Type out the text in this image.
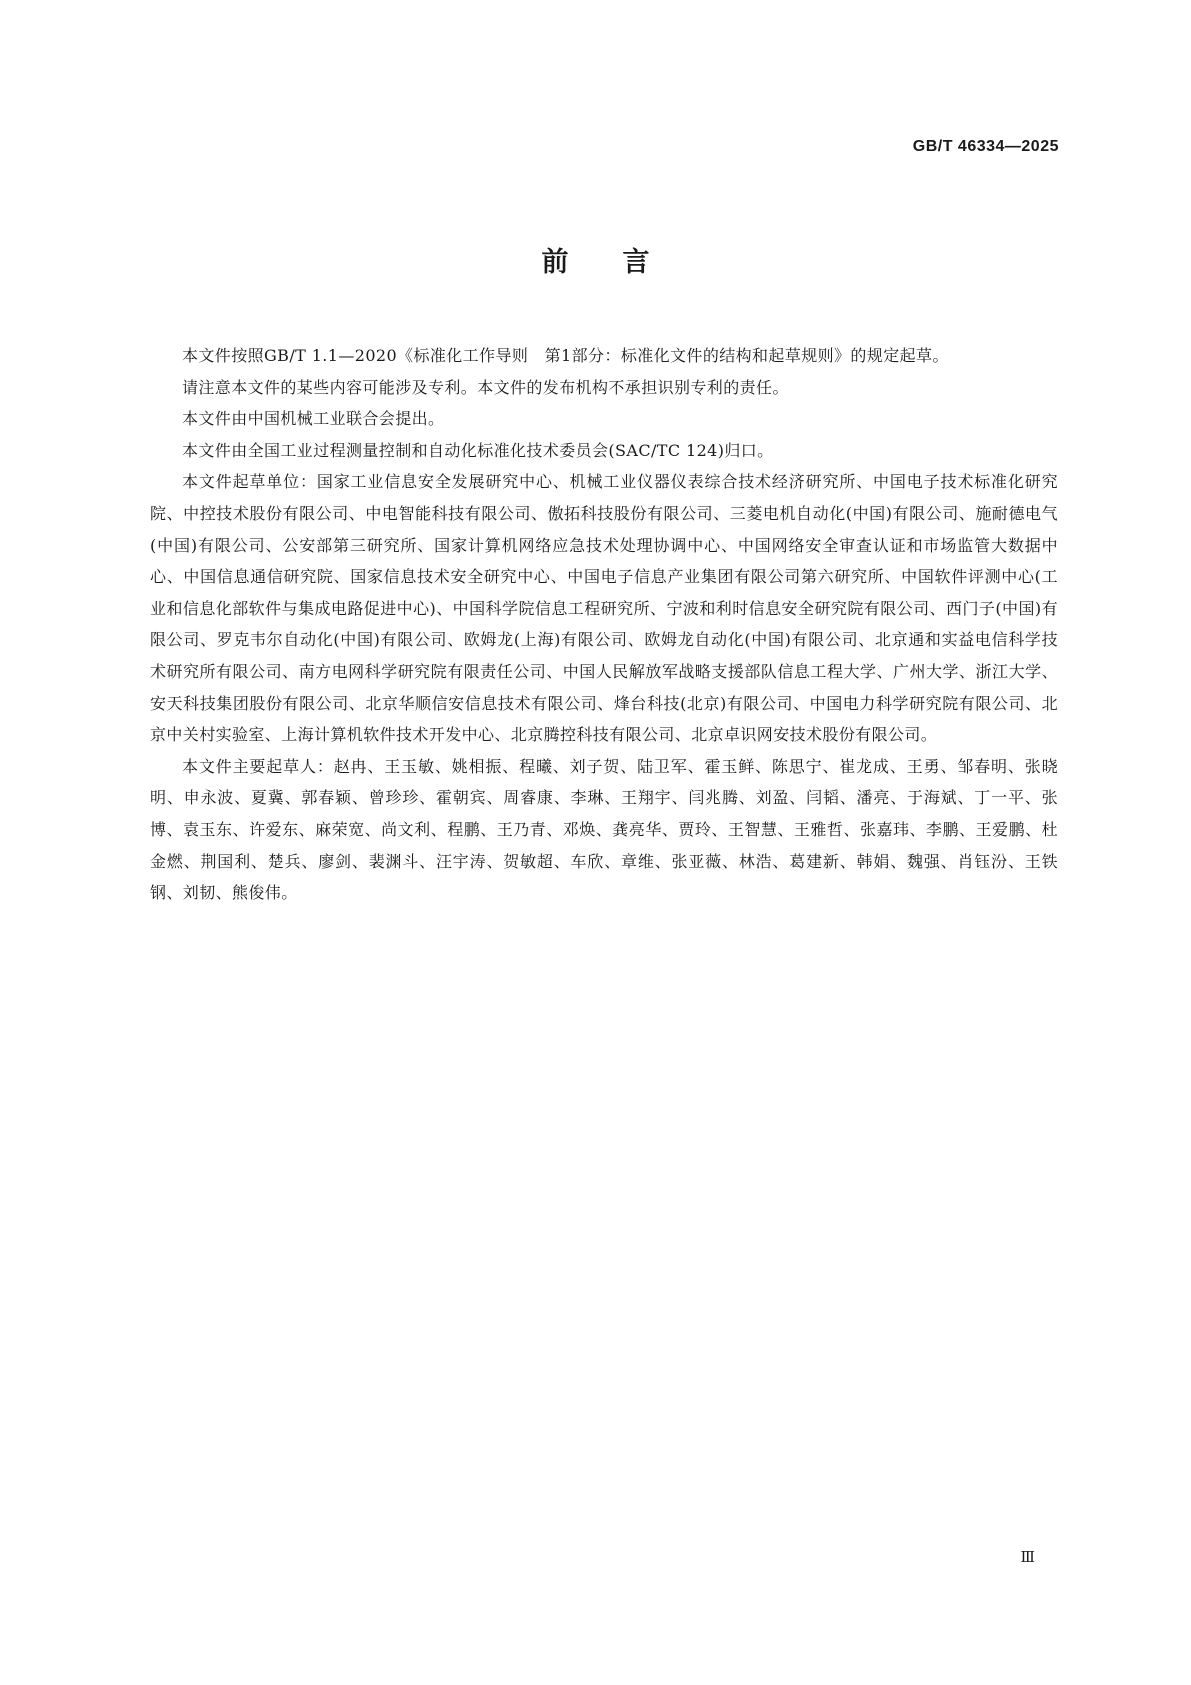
GB/T 46334—2025

前言

本文件按照GB/T 1.1—2020《标准化工作导则　第1部分：标准化文件的结构和起草规则》的规定起草。

请注意本文件的某些内容可能涉及专利。本文件的发布机构不承担识别专利的责任。

本文件由中国机械工业联合会提出。

本文件由全国工业过程测量控制和自动化标准化技术委员会(SAC/TC 124)归口。

本文件起草单位：国家工业信息安全发展研究中心、机械工业仪器仪表综合技术经济研究所、中国电子技术标准化研究院、中控技术股份有限公司、中电智能科技有限公司、傲拓科技股份有限公司、三菱电机自动化(中国)有限公司、施耐德电气(中国)有限公司、公安部第三研究所、国家计算机网络应急技术处理协调中心、中国网络安全审查认证和市场监管大数据中心、中国信息通信研究院、国家信息技术安全研究中心、中国电子信息产业集团有限公司第六研究所、中国软件评测中心(工业和信息化部软件与集成电路促进中心)、中国科学院信息工程研究所、宁波和利时信息安全研究院有限公司、西门子(中国)有限公司、罗克韦尔自动化(中国)有限公司、欧姆龙(上海)有限公司、欧姆龙自动化(中国)有限公司、北京通和实益电信科学技术研究所有限公司、南方电网科学研究院有限责任公司、中国人民解放军战略支援部队信息工程大学、广州大学、浙江大学、安天科技集团股份有限公司、北京华顺信安信息技术有限公司、烽台科技(北京)有限公司、中国电力科学研究院有限公司、北京中关村实验室、上海计算机软件技术开发中心、北京腾控科技有限公司、北京卓识网安技术股份有限公司。

本文件主要起草人：赵冉、王玉敏、姚相振、程曦、刘子贺、陆卫军、霍玉鲜、陈思宁、崔龙成、王勇、邹春明、张晓明、申永波、夏冀、郭春颖、曾珍珍、霍朝宾、周睿康、李琳、王翔宇、闫兆腾、刘盈、闫韬、潘亮、于海斌、丁一平、张博、袁玉东、许爱东、麻荣宽、尚文利、程鹏、王乃青、邓焕、龚亮华、贾玲、王智慧、王雅哲、张嘉玮、李鹏、王爱鹏、杜金燃、荆国利、楚兵、廖剑、裴渊斗、汪宇涛、贺敏超、车欣、章维、张亚薇、林浩、葛建新、韩娟、魏强、肖钰汾、王铁钢、刘韧、熊俊伟。

Ⅲ
